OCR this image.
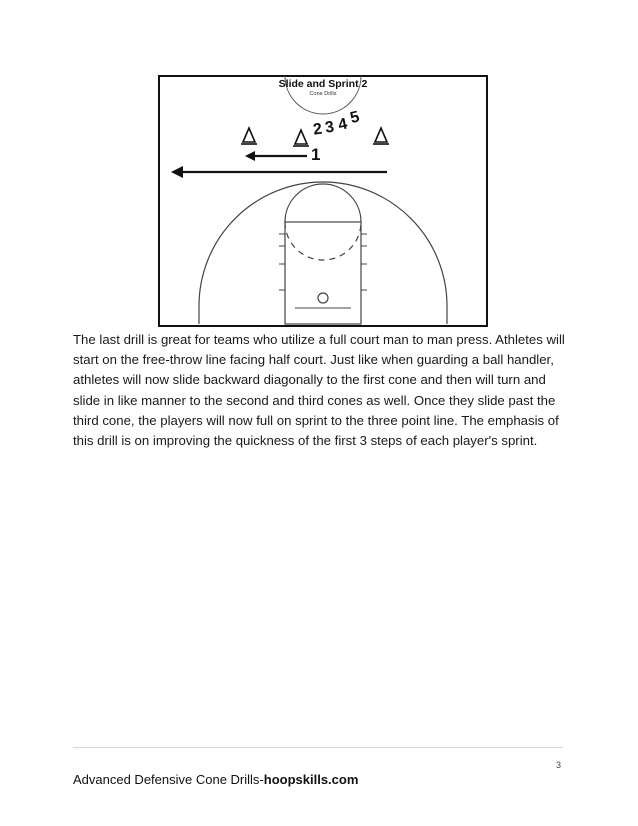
Slide and Sprint 2
Cone Drills
1
2 3 4 5
The last drill is great for teams who utilize a full court man to man press. Athletes will start on the free-throw line facing half court. Just like when guarding a ball handler, athletes will now slide backward diagonally to the first cone and then will turn and slide in like manner to the second and third cones as well. Once they slide past the third cone, the players will now full on sprint to the three point line. The emphasis of this drill is on improving the quickness of the first 3 steps of each player's sprint.
3
Advanced Defensive Cone Drills-hoopskills.com
